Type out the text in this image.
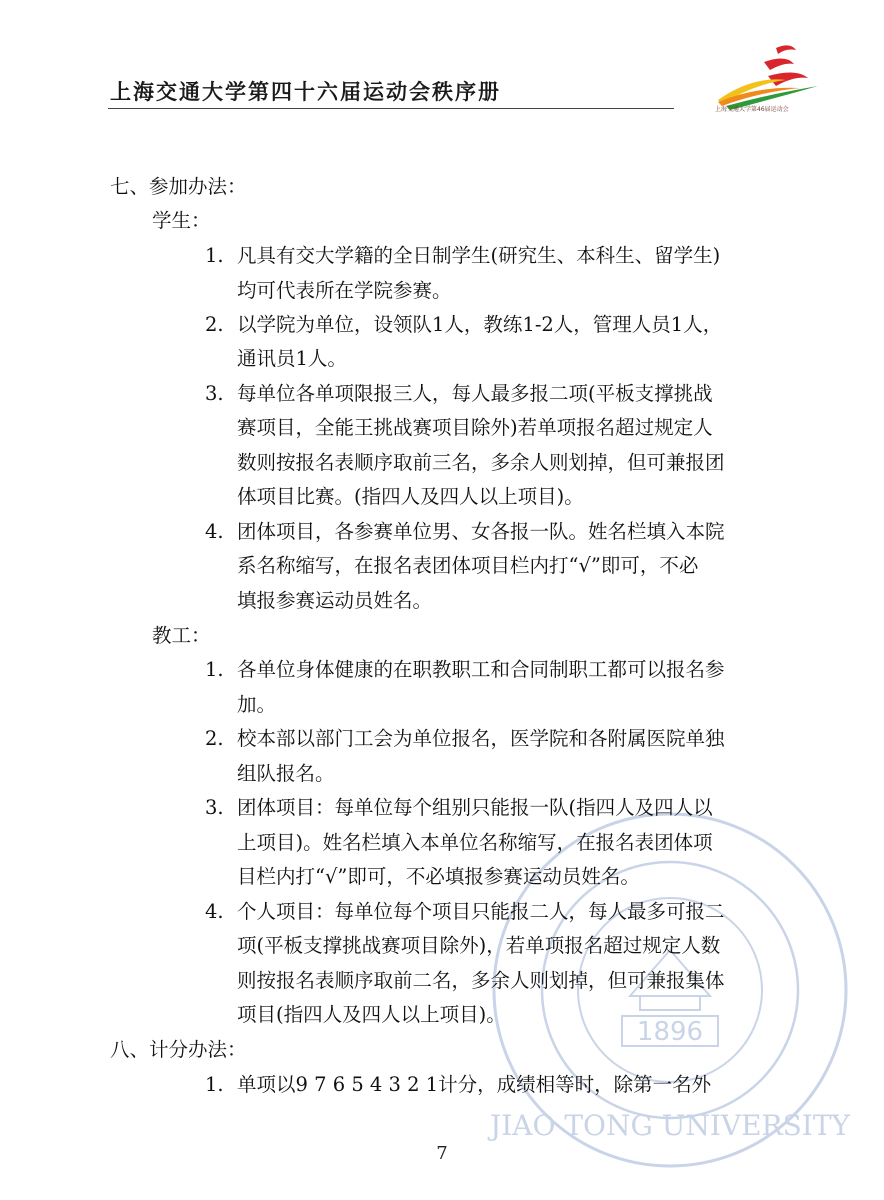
上海交通大学第四十六届运动会秩序册
上海交通大学第46届运动会
1896
JIAO TONG UNIVERSITY
七、参加办法：
学生：
1. 凡具有交大学籍的全日制学生(研究生、本科生、留学生)
均可代表所在学院参赛。
2. 以学院为单位，设领队1人，教练1-2人，管理人员1人，
通讯员1人。
3. 每单位各单项限报三人，每人最多报二项(平板支撑挑战
赛项目，全能王挑战赛项目除外)若单项报名超过规定人
数则按报名表顺序取前三名，多余人则划掉，但可兼报团
体项目比赛。(指四人及四人以上项目)。
4. 团体项目，各参赛单位男、女各报一队。姓名栏填入本院
系名称缩写，在报名表团体项目栏内打“√”即可，不必
填报参赛运动员姓名。
教工：
1. 各单位身体健康的在职教职工和合同制职工都可以报名参
加。
2. 校本部以部门工会为单位报名，医学院和各附属医院单独
组队报名。
3. 团体项目：每单位每个组别只能报一队(指四人及四人以
上项目)。姓名栏填入本单位名称缩写，在报名表团体项
目栏内打“√”即可，不必填报参赛运动员姓名。
4. 个人项目：每单位每个项目只能报二人，每人最多可报二
项(平板支撑挑战赛项目除外)，若单项报名超过规定人数
则按报名表顺序取前二名，多余人则划掉，但可兼报集体
项目(指四人及四人以上项目)。
八、计分办法：
1. 单项以9 7 6 5 4 3 2 1计分，成绩相等时，除第一名外
7
